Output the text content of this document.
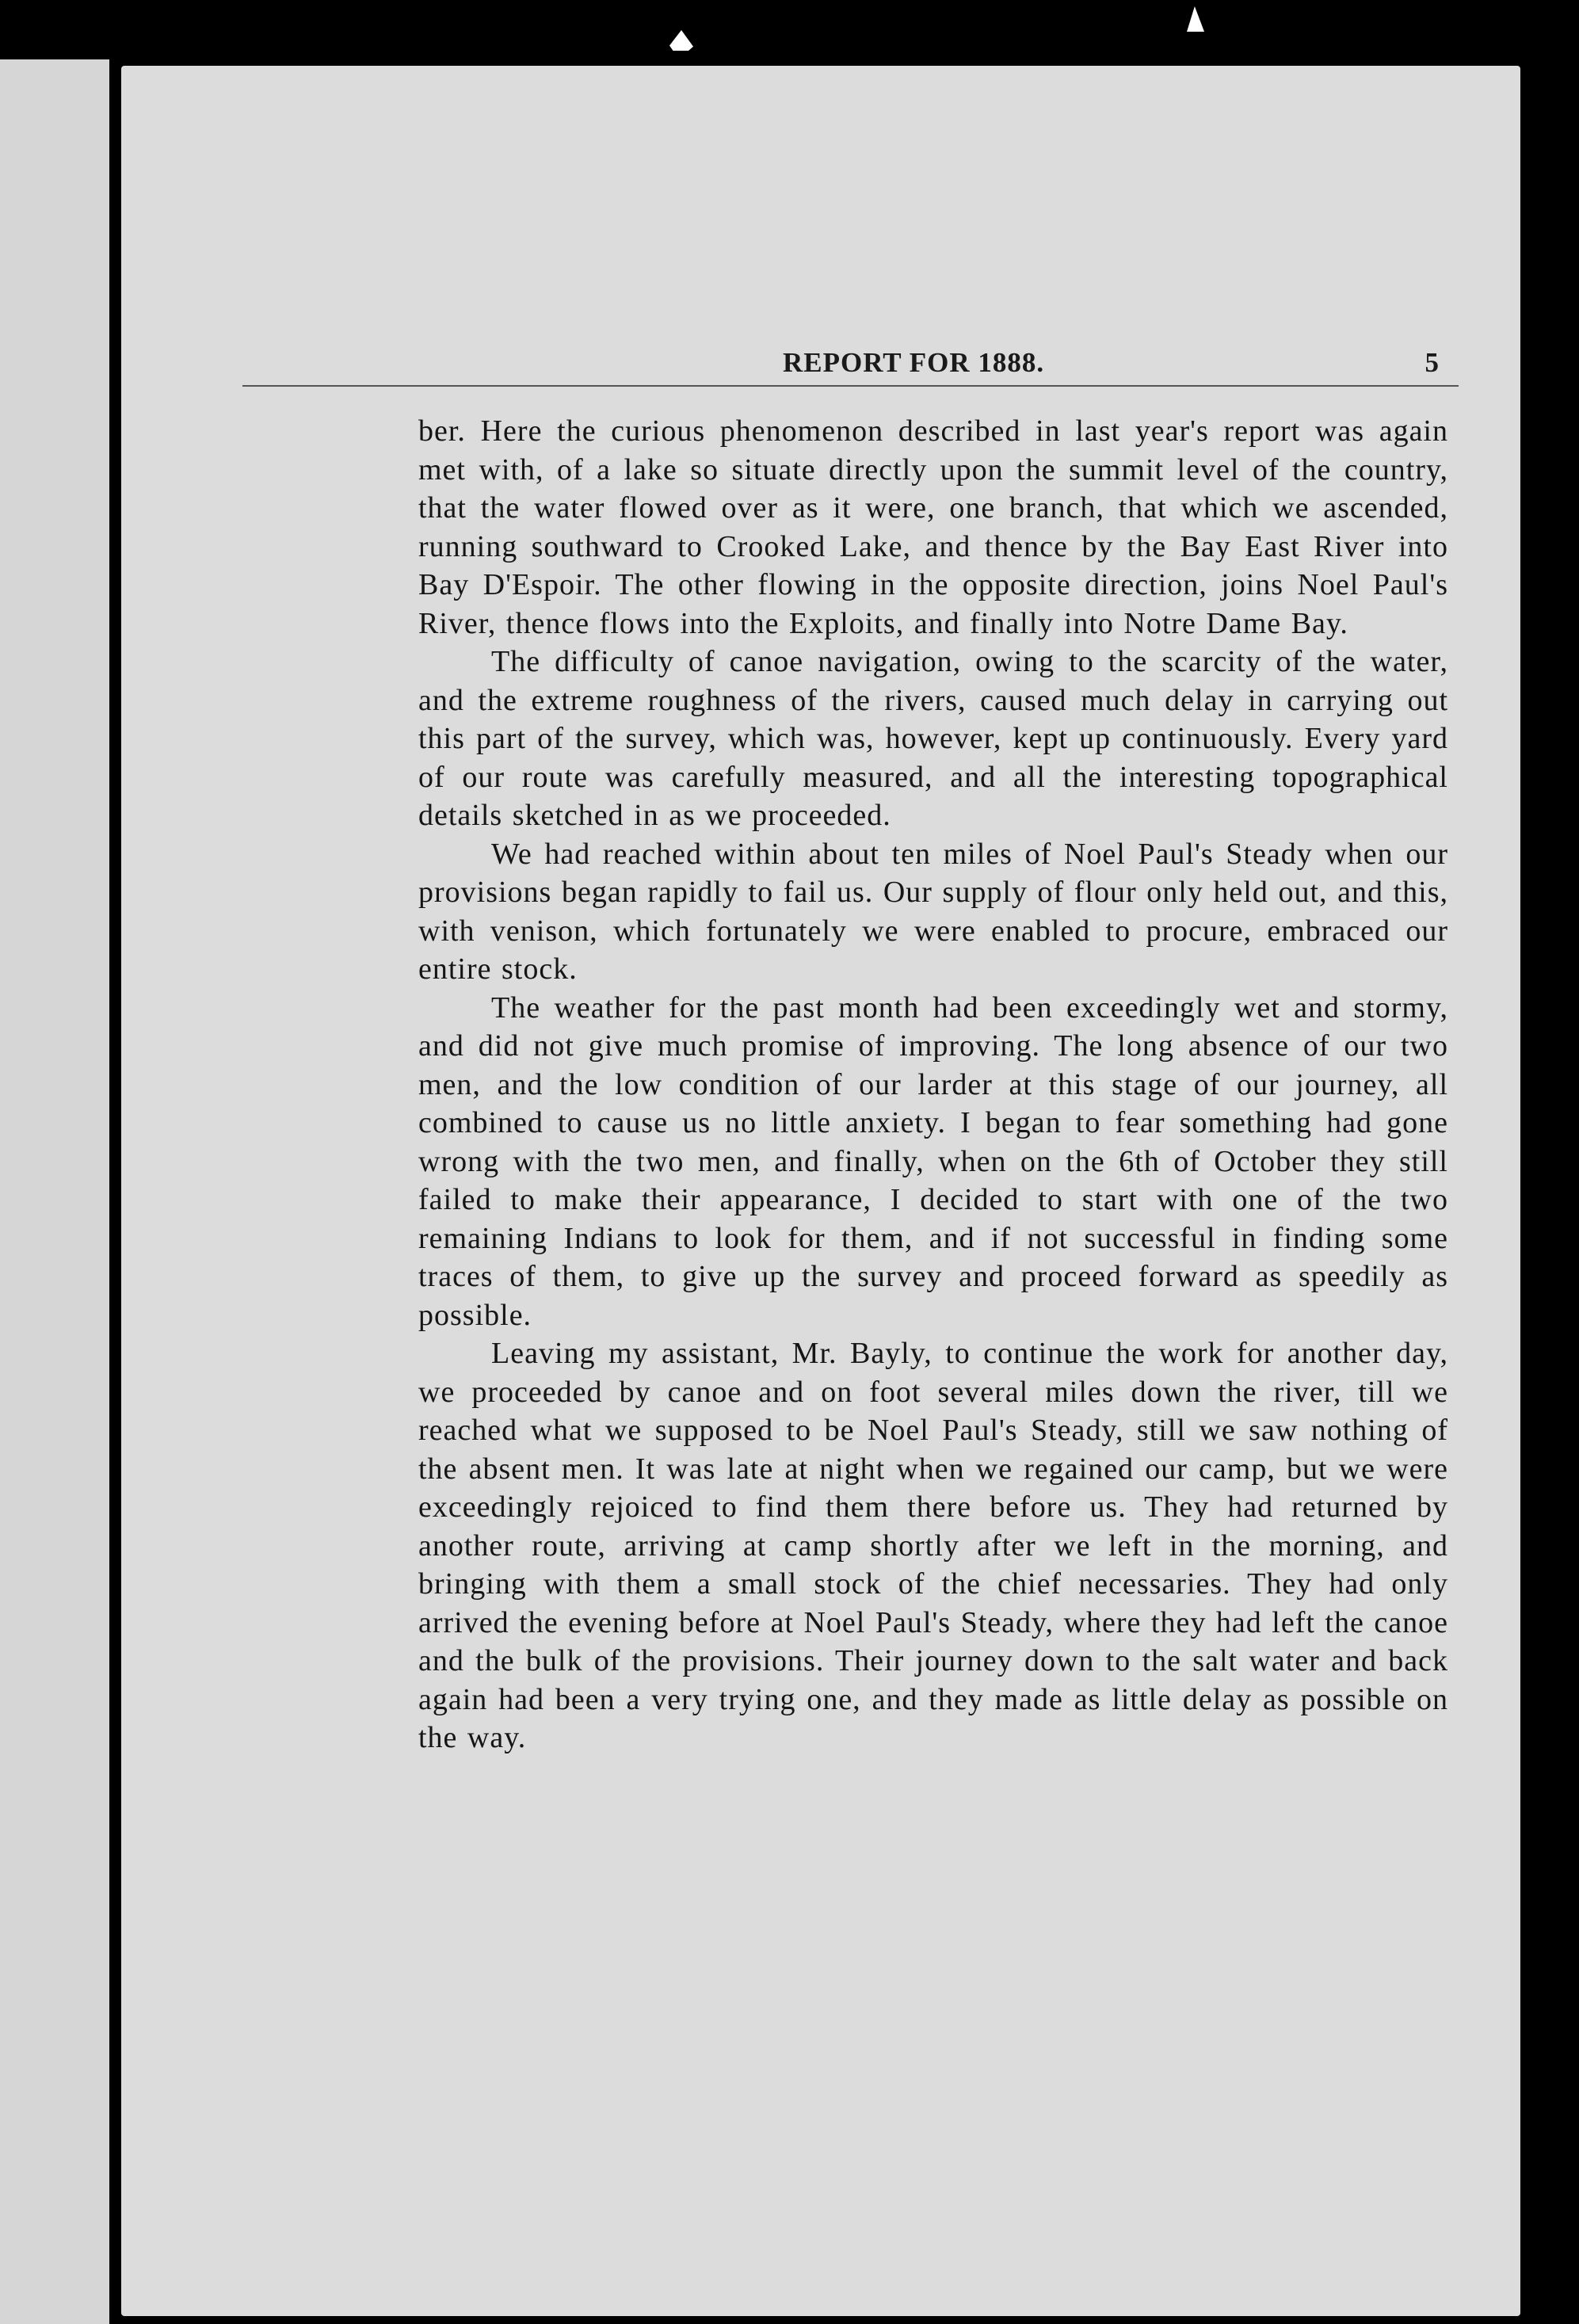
REPORT FOR 1888.	5

ber. Here the curious phenomenon described in last year's report was again met with, of a lake so situate directly upon the summit level of the country, that the water flowed over as it were, one branch, that which we ascended, running southward to Crooked Lake, and thence by the Bay East River into Bay D'Espoir. The other flowing in the opposite direction, joins Noel Paul's River, thence flows into the Exploits, and finally into Notre Dame Bay.

The difficulty of canoe navigation, owing to the scarcity of the water, and the extreme roughness of the rivers, caused much delay in carrying out this part of the survey, which was, however, kept up continuously. Every yard of our route was carefully measured, and all the interesting topographical details sketched in as we proceeded.

We had reached within about ten miles of Noel Paul's Steady when our provisions began rapidly to fail us. Our supply of flour only held out, and this, with venison, which fortunately we were enabled to procure, embraced our entire stock.

The weather for the past month had been exceedingly wet and stormy, and did not give much promise of improving. The long absence of our two men, and the low condition of our larder at this stage of our journey, all combined to cause us no little anxiety. I began to fear something had gone wrong with the two men, and finally, when on the 6th of October they still failed to make their appearance, I decided to start with one of the two remaining Indians to look for them, and if not successful in finding some traces of them, to give up the survey and proceed forward as speedily as possible.

Leaving my assistant, Mr. Bayly, to continue the work for another day, we proceeded by canoe and on foot several miles down the river, till we reached what we supposed to be Noel Paul's Steady, still we saw nothing of the absent men. It was late at night when we regained our camp, but we were exceedingly rejoiced to find them there before us. They had returned by another route, arriving at camp shortly after we left in the morning, and bringing with them a small stock of the chief necessaries. They had only arrived the evening before at Noel Paul's Steady, where they had left the canoe and the bulk of the provisions. Their journey down to the salt water and back again had been a very trying one, and they made as little delay as possible on the way.
